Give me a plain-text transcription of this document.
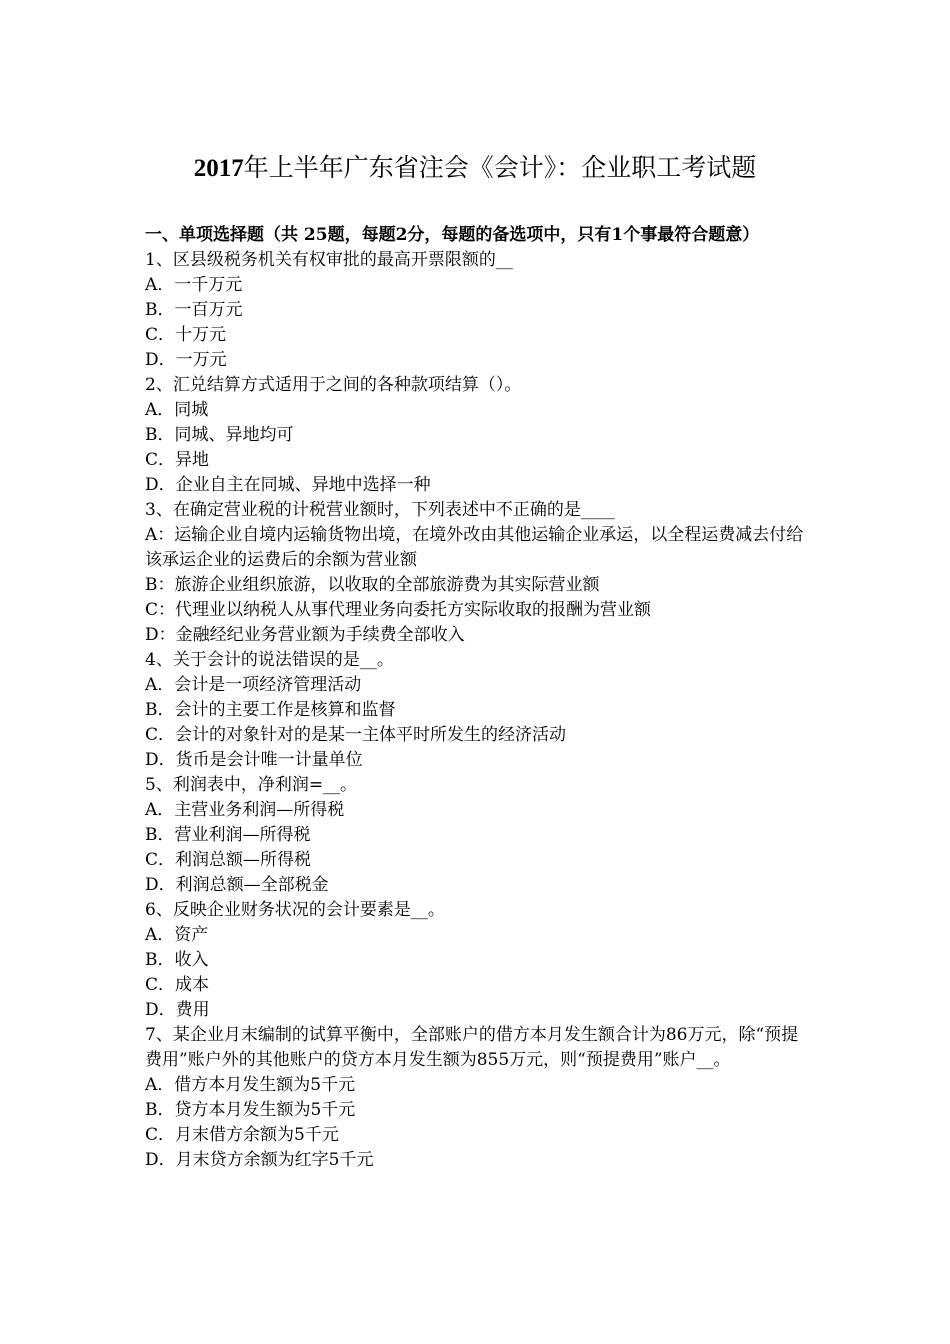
2017年上半年广东省注会《会计》：企业职工考试题

一、单项选择题（共 25题，每题2分，每题的备选项中，只有1个事最符合题意）

1、区县级税务机关有权审批的最高开票限额的__

A．一千万元

B．一百万元

C．十万元

D．一万元

2、汇兑结算方式适用于之间的各种款项结算（）。

A．同城

B．同城、异地均可

C．异地

D．企业自主在同城、异地中选择一种

3、在确定营业税的计税营业额时，下列表述中不正确的是____

A：运输企业自境内运输货物出境，在境外改由其他运输企业承运，以全程运费减去付给该承运企业的运费后的余额为营业额

B：旅游企业组织旅游，以收取的全部旅游费为其实际营业额

C：代理业以纳税人从事代理业务向委托方实际收取的报酬为营业额

D：金融经纪业务营业额为手续费全部收入

4、关于会计的说法错误的是__。

A．会计是一项经济管理活动

B．会计的主要工作是核算和监督

C．会计的对象针对的是某一主体平时所发生的经济活动

D．货币是会计唯一计量单位

5、利润表中，净利润=__。

A．主营业务利润—所得税

B．营业利润—所得税

C．利润总额—所得税

D．利润总额—全部税金

6、反映企业财务状况的会计要素是__。

A．资产

B．收入

C．成本

D．费用

7、某企业月末编制的试算平衡中，全部账户的借方本月发生额合计为86万元，除“预提费用”账户外的其他账户的贷方本月发生额为855万元，则“预提费用”账户__。

A．借方本月发生额为5千元

B．贷方本月发生额为5千元

C．月末借方余额为5千元

D．月末贷方余额为红字5千元
